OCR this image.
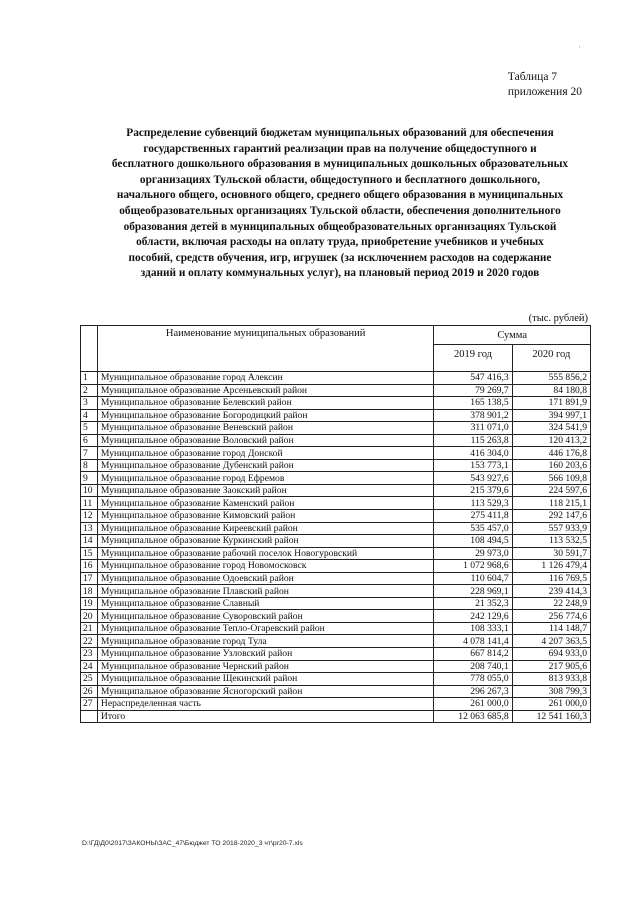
·
Таблица 7
приложения 20
Распределение субвенций бюджетам муниципальных образований для обеспечения
государственных гарантий реализации прав на получение общедоступного и
бесплатного дошкольного образования в муниципальных дошкольных образовательных
организациях Тульской области, общедоступного и бесплатного дошкольного,
начального общего, основного общего, среднего общего образования в муниципальных
общеобразовательных организациях Тульской области, обеспечения дополнительного
образования детей в муниципальных общеобразовательных организациях Тульской
области, включая расходы на оплату труда, приобретение учебников и учебных
пособий, средств обучения, игр, игрушек (за исключением расходов на содержание
зданий и оплату коммунальных услуг), на плановый период 2019 и 2020 годов
(тыс. рублей)
	Наименование муниципальных образований	Сумма	
		2019 год	2020 год
1	Муниципальное образование город Алексин	547 416,3	555 856,2
2	Муниципальное образование Арсеньевский район	79 269,7	84 180,8
3	Муниципальное образование Белевский район	165 138,5	171 891,9
4	Муниципальное образование Богородицкий район	378 901,2	394 997,1
5	Муниципальное образование Веневский район	311 071,0	324 541,9
6	Муниципальное образование Воловский район	115 263,8	120 413,2
7	Муниципальное образование город Донской	416 304,0	446 176,8
8	Муниципальное образование Дубенский район	153 773,1	160 203,6
9	Муниципальное образование город Ефремов	543 927,6	566 109,8
10	Муниципальное образование Заокский район	215 379,6	224 597,6
11	Муниципальное образование Каменский район	113 529,3	118 215,1
12	Муниципальное образование Кимовский район	275 411,8	292 147,6
13	Муниципальное образование Киреевский район	535 457,0	557 933,9
14	Муниципальное образование Куркинский район	108 494,5	113 532,5
15	Муниципальное образование рабочий поселок Новогуровский	29 973,0	30 591,7
16	Муниципальное образование город Новомосковск	1 072 968,6	1 126 479,4
17	Муниципальное образование Одоевский район	110 604,7	116 769,5
18	Муниципальное образование Плавский район	228 969,1	239 414,3
19	Муниципальное образование Славный	21 352,3	22 248,9
20	Муниципальное образование Суворовский район	242 129,6	256 774,6
21	Муниципальное образование Тепло-Огаревский район	108 333,1	114 148,7
22	Муниципальное образование город Тула	4 078 141,4	4 207 363,5
23	Муниципальное образование Узловский район	667 814,2	694 933,0
24	Муниципальное образование Чернский район	208 740,1	217 905,6
25	Муниципальное образование Щекинский район	778 055,0	813 933,8
26	Муниципальное образование Ясногорский район	296 267,3	308 799,3
27	Нераспределенная часть	261 000,0	261 000,0
	Итого	12 063 685,8	12 541 160,3
D:\ГД\Д0\2017\ЗАКОНЫ\ЗАС_47\Бюджет ТО 2018-2020_3 чт\pr20-7.xls
